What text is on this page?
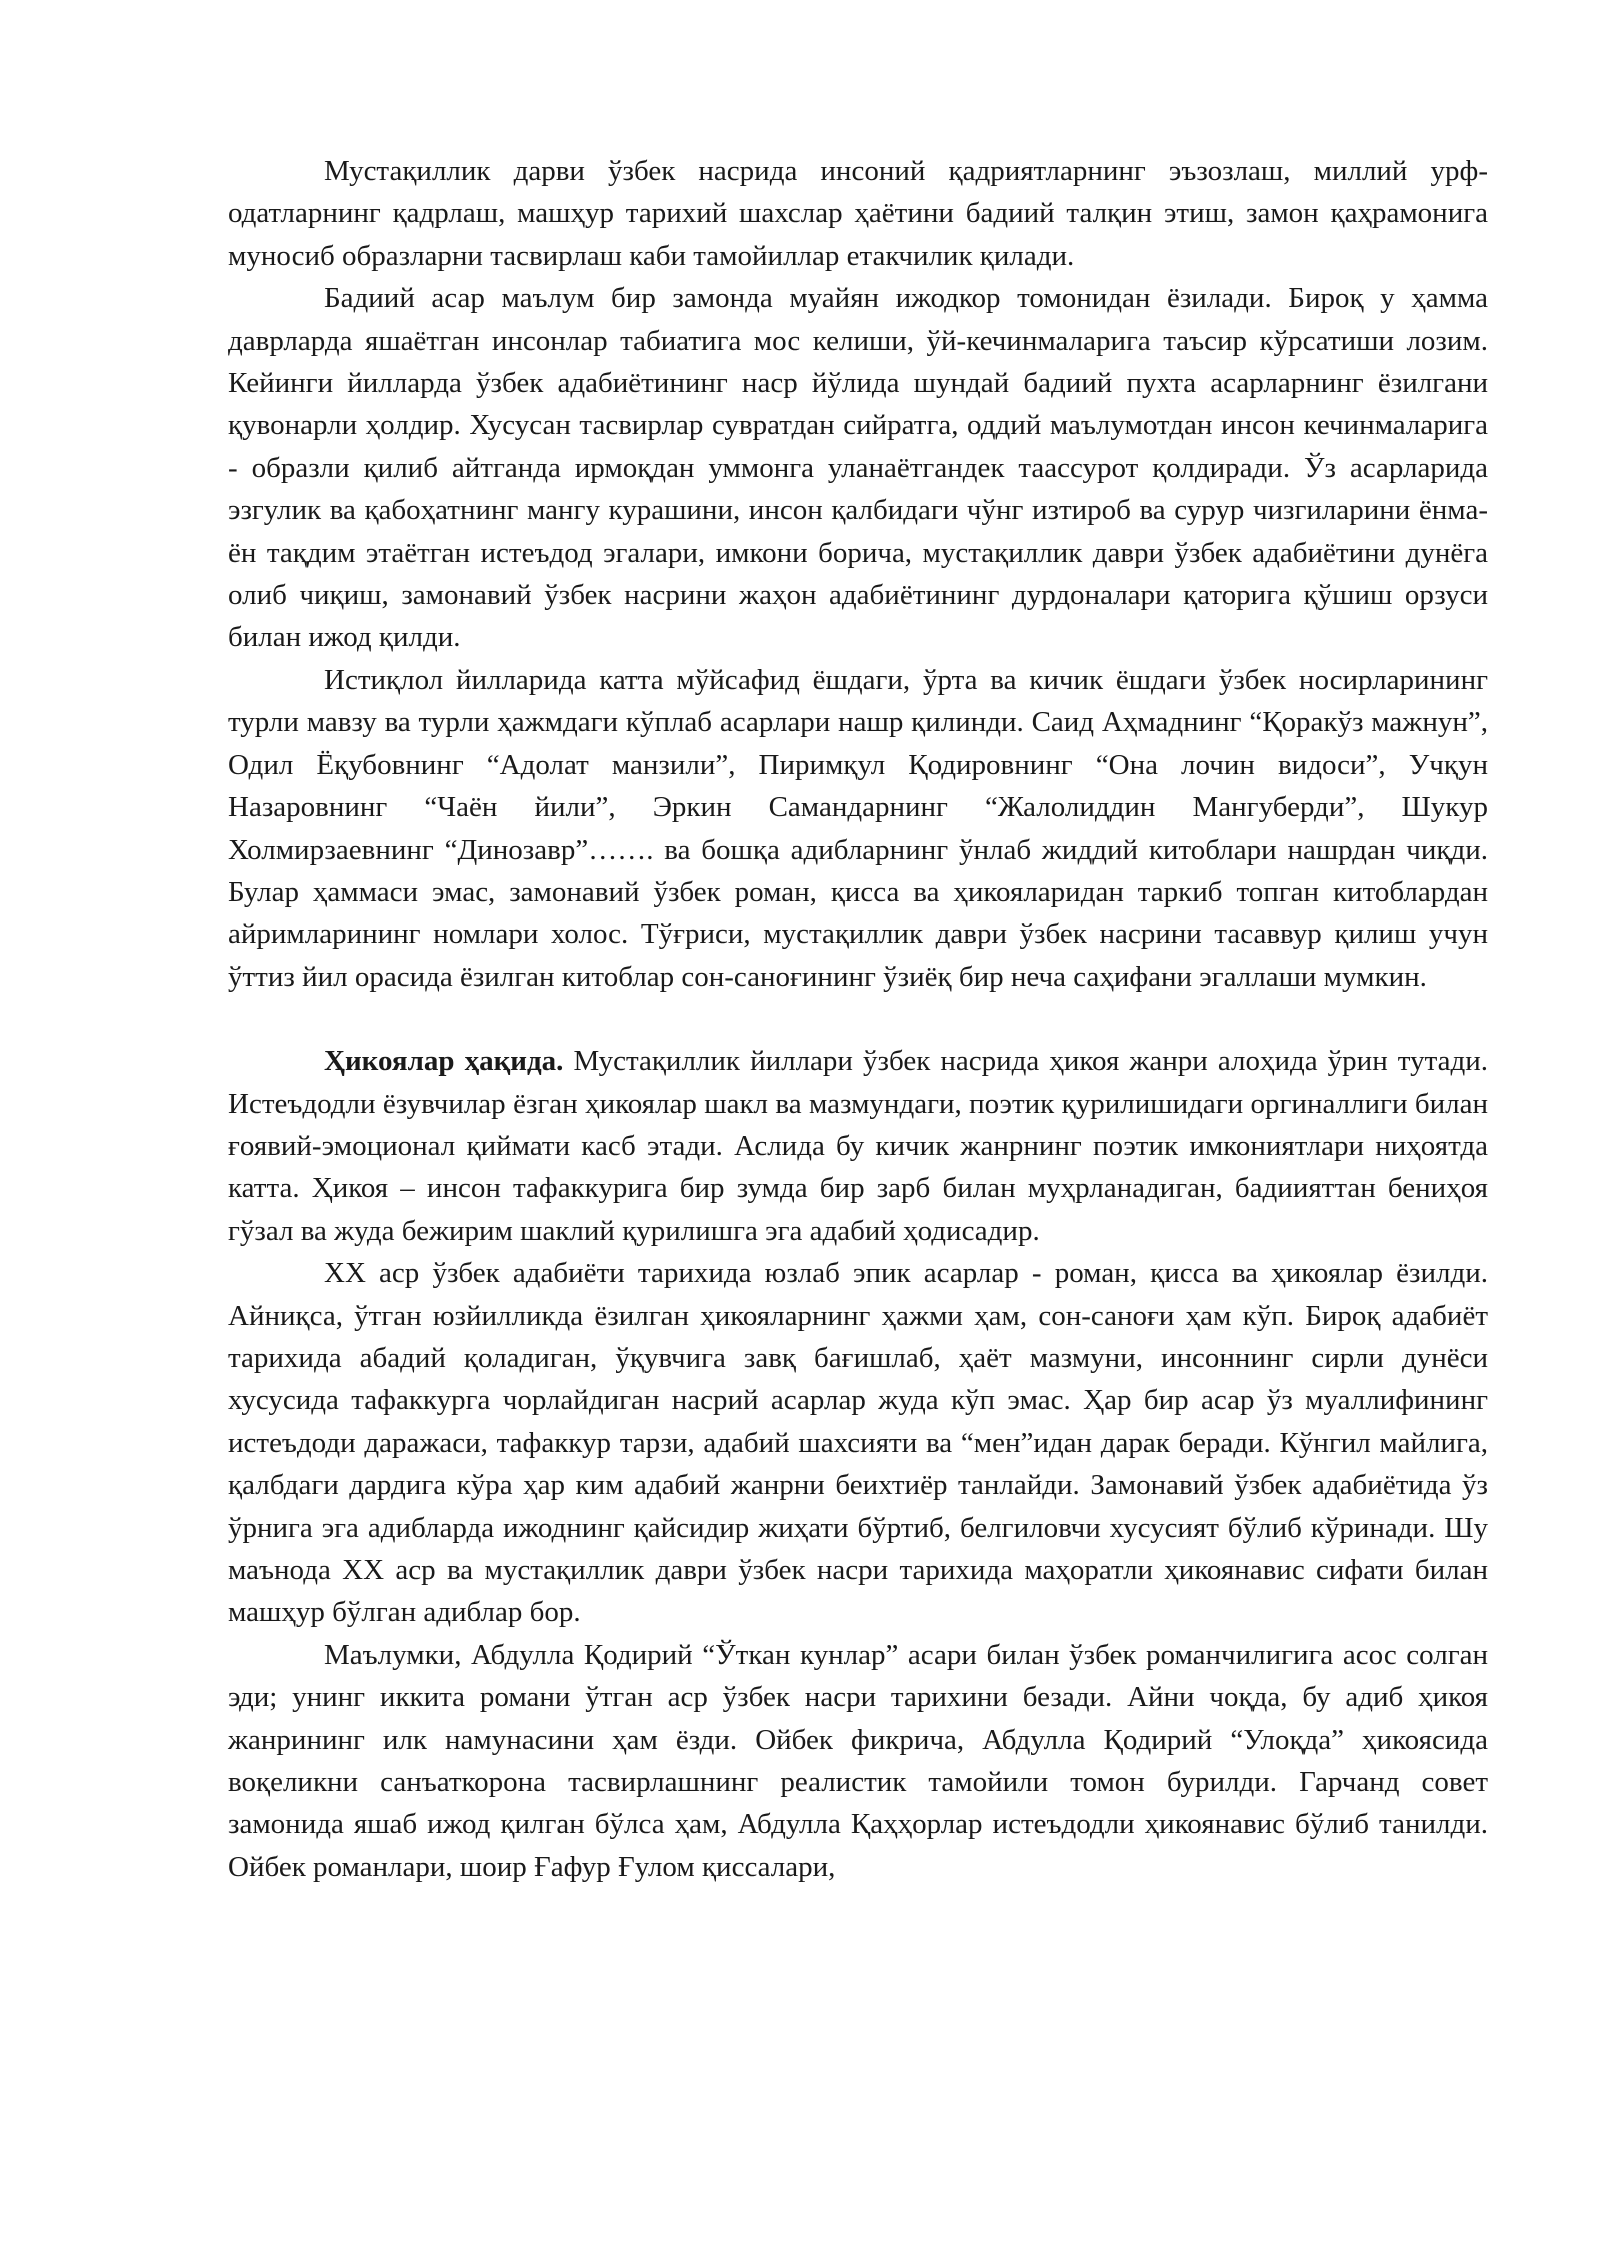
Мустақиллик дарви ўзбек насрида инсоний қадриятларнинг эъзозлаш, миллий урф-одатларнинг қадрлаш, машҳур тарихий шахслар ҳаётини бадиий талқин этиш, замон қаҳрамонига муносиб образларни тасвирлаш каби тамойиллар етакчилик қилади.

Бадиий асар маълум бир замонда муайян ижодкор томонидан ёзилади. Бироқ у ҳамма даврларда яшаётган инсонлар табиатига мос келиши, ўй-кечинмаларига таъсир кўрсатиши лозим. Кейинги йилларда ўзбек адабиётининг наср йўлида шундай бадиий пухта асарларнинг ёзилгани қувонарли ҳолдир. Хусусан тасвирлар сувратдан сийратга, оддий маълумотдан инсон кечинмаларига - образли қилиб айтганда ирмоқдан уммонга уланаётгандек таассурот қолдиради. Ўз асарларида эзгулик ва қабоҳатнинг мангу курашини, инсон қалбидаги чўнг изтироб ва сурур чизгиларини ёнма-ён тақдим этаётган истеъдод эгалари, имкони борича, мустақиллик даври ўзбек адабиётини дунёга олиб чиқиш, замонавий ўзбек насрини жаҳон адабиётининг дурдоналари қаторига қўшиш орзуси билан ижод қилди.

Истиқлол йилларида катта мўйсафид ёшдаги, ўрта ва кичик ёшдаги ўзбек носирларининг турли мавзу ва турли ҳажмдаги кўплаб асарлари нашр қилинди. Саид Аҳмаднинг “Қоракўз мажнун”, Одил Ёқубовнинг “Адолат манзили”, Пиримқул Қодировнинг “Она лочин видоси”, Учқун Назаровнинг “Чаён йили”, Эркин Самандарнинг “Жалолиддин Мангуберди”, Шукур Холмирзаевнинг “Динозавр”……. ва бошқа адибларнинг ўнлаб жиддий китоблари нашрдан чиқди. Булар ҳаммаси эмас, замонавий ўзбек роман, қисса ва ҳикояларидан таркиб топган китоблардан айримларининг номлари холос. Тўғриси, мустақиллик даври ўзбек насрини тасаввур қилиш учун ўттиз йил орасида ёзилган китоблар сон-саноғининг ўзиёқ бир неча саҳифани эгаллаши мумкин.

Ҳикоялар ҳақида. Мустақиллик йиллари ўзбек насрида ҳикоя жанри алоҳида ўрин тутади. Истеъдодли ёзувчилар ёзган ҳикоялар шакл ва мазмундаги, поэтик қурилишидаги оргиналлиги билан ғоявий-эмоционал қиймати касб этади. Аслида бу кичик жанрнинг поэтик имкониятлари ниҳоятда катта. Ҳикоя – инсон тафаккурига бир зумда бир зарб билан муҳрланадиган, бадиияттан бениҳоя гўзал ва жуда бежирим шаклий қурилишга эга адабий ҳодисадир.

ХХ аср ўзбек адабиёти тарихида юзлаб эпик асарлар - роман, қисса ва ҳикоялар ёзилди. Айниқса, ўтган юзйилликда ёзилган ҳикояларнинг ҳажми ҳам, сон-саноғи ҳам кўп. Бироқ адабиёт тарихида абадий қоладиган, ўқувчига завқ бағишлаб, ҳаёт мазмуни, инсоннинг сирли дунёси хусусида тафаккурга чорлайдиган насрий асарлар жуда кўп эмас. Ҳар бир асар ўз муаллифининг истеъдоди даражаси, тафаккур тарзи, адабий шахсияти ва “мен”идан дарак беради. Кўнгил майлига, қалбдаги дардига кўра ҳар ким адабий жанрни беихтиёр танлайди. Замонавий ўзбек адабиётида ўз ўрнига эга адибларда ижоднинг қайсидир жиҳати бўртиб, белгиловчи хусусият бўлиб кўринади. Шу маънода ХХ аср ва мустақиллик даври ўзбек насри тарихида маҳоратли ҳикоянавис сифати билан машҳур бўлган адиблар бор.

Маълумки, Абдулла Қодирий “Ўткан кунлар” асари билан ўзбек романчилигига асос солган эди; унинг иккита романи ўтган аср ўзбек насри тарихини безади. Айни чоқда, бу адиб ҳикоя жанрининг илк намунасини ҳам ёзди. Ойбек фикрича, Абдулла Қодирий “Улоқда” ҳикоясида воқеликни санъаткорона тасвирлашнинг реалистик тамойили томон бурилди. Гарчанд совет замонида яшаб ижод қилган бўлса ҳам, Абдулла Қаҳҳорлар истеъдодли ҳикоянавис бўлиб танилди. Ойбек романлари, шоир Ғафур Ғулом қиссалари,
